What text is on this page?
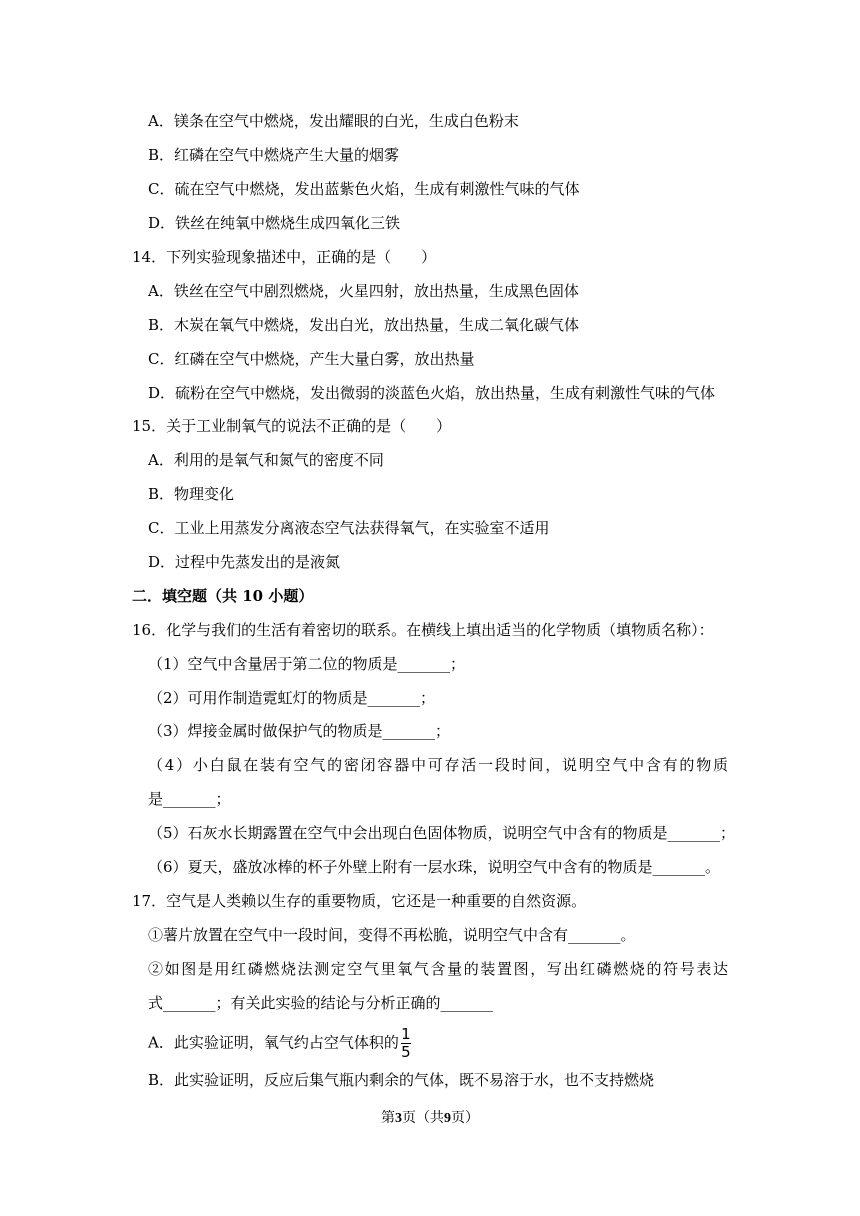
A．镁条在空气中燃烧，发出耀眼的白光，生成白色粉末
B．红磷在空气中燃烧产生大量的烟雾
C．硫在空气中燃烧，发出蓝紫色火焰，生成有刺激性气味的气体
D．铁丝在纯氧中燃烧生成四氧化三铁
14．下列实验现象描述中，正确的是（　　）
A．铁丝在空气中剧烈燃烧，火星四射，放出热量，生成黑色固体
B．木炭在氧气中燃烧，发出白光，放出热量，生成二氧化碳气体
C．红磷在空气中燃烧，产生大量白雾，放出热量
D．硫粉在空气中燃烧，发出微弱的淡蓝色火焰，放出热量，生成有刺激性气味的气体
15．关于工业制氧气的说法不正确的是（　　）
A．利用的是氧气和氮气的密度不同
B．物理变化
C．工业上用蒸发分离液态空气法获得氧气，在实验室不适用
D．过程中先蒸发出的是液氮
二．填空题（共 10 小题）
16．化学与我们的生活有着密切的联系。在横线上填出适当的化学物质（填物质名称）：
（1）空气中含量居于第二位的物质是_______；
（2）可用作制造霓虹灯的物质是_______；
（3）焊接金属时做保护气的物质是_______；
（4）小白鼠在装有空气的密闭容器中可存活一段时间，说明空气中含有的物质
是_______；
（5）石灰水长期露置在空气中会出现白色固体物质，说明空气中含有的物质是_______；
（6）夏天，盛放冰棒的杯子外壁上附有一层水珠，说明空气中含有的物质是_______。
17．空气是人类赖以生存的重要物质，它还是一种重要的自然资源。
①薯片放置在空气中一段时间，变得不再松脆，说明空气中含有_______。
②如图是用红磷燃烧法测定空气里氧气含量的装置图，写出红磷燃烧的符号表达
式_______；有关此实验的结论与分析正确的_______
A．此实验证明，氧气约占空气体积的 $\frac{1}{5}$
B．此实验证明，反应后集气瓶内剩余的气体，既不易溶于水，也不支持燃烧
第3页（共9页）
